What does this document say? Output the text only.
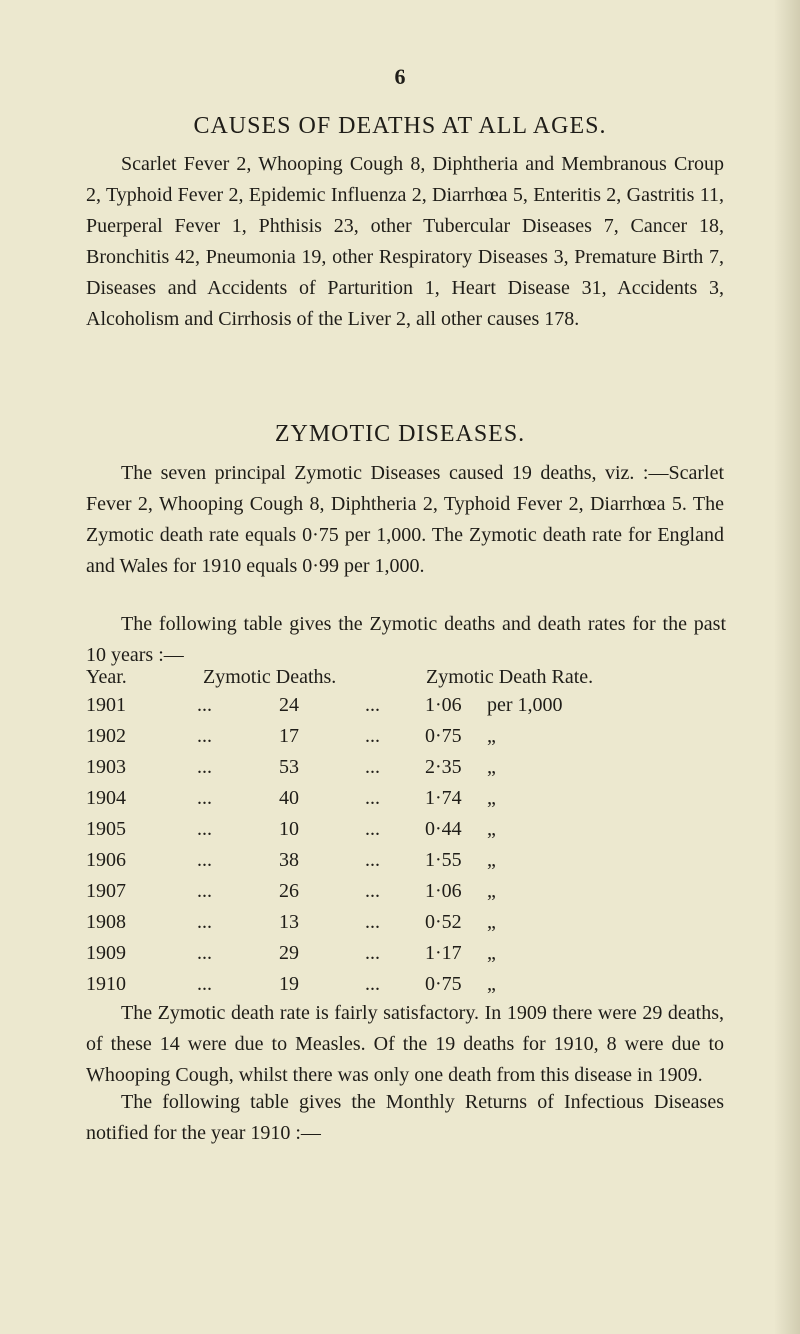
6
CAUSES OF DEATHS AT ALL AGES.

Scarlet Fever 2, Whooping Cough 8, Diphtheria and Membranous Croup 2, Typhoid Fever 2, Epidemic Influenza 2, Diarrhœa 5, Enteritis 2, Gastritis 11, Puerperal Fever 1, Phthisis 23, other Tubercular Diseases 7, Cancer 18, Bronchitis 42, Pneumonia 19, other Respiratory Diseases 3, Premature Birth 7, Diseases and Accidents of Parturition 1, Heart Disease 31, Accidents 3, Alcoholism and Cirrhosis of the Liver 2, all other causes 178.

ZYMOTIC DISEASES.

The seven principal Zymotic Diseases caused 19 deaths, viz. :—Scarlet Fever 2, Whooping Cough 8, Diphtheria 2, Typhoid Fever 2, Diarrhœa 5. The Zymotic death rate equals 0·75 per 1,000. The Zymotic death rate for England and Wales for 1910 equals 0·99 per 1,000.

The following table gives the Zymotic deaths and death rates for the past 10 years :—

Year.	Zymotic Deaths.	Zymotic Death Rate.
1901	...	24	... 1·06 per 1,000
1902	...	17	... 0·75 „
1903	...	53	... 2·35 „
1904	...	40	... 1·74 „
1905	...	10	... 0·44 „
1906	...	38	... 1·55 „
1907	...	26	... 1·06 „
1908	...	13	... 0·52 „
1909	...	29	... 1·17 „
1910	...	19	... 0·75 „

The Zymotic death rate is fairly satisfactory. In 1909 there were 29 deaths, of these 14 were due to Measles. Of the 19 deaths for 1910, 8 were due to Whooping Cough, whilst there was only one death from this disease in 1909.

The following table gives the Monthly Returns of Infectious Diseases notified for the year 1910 :—
